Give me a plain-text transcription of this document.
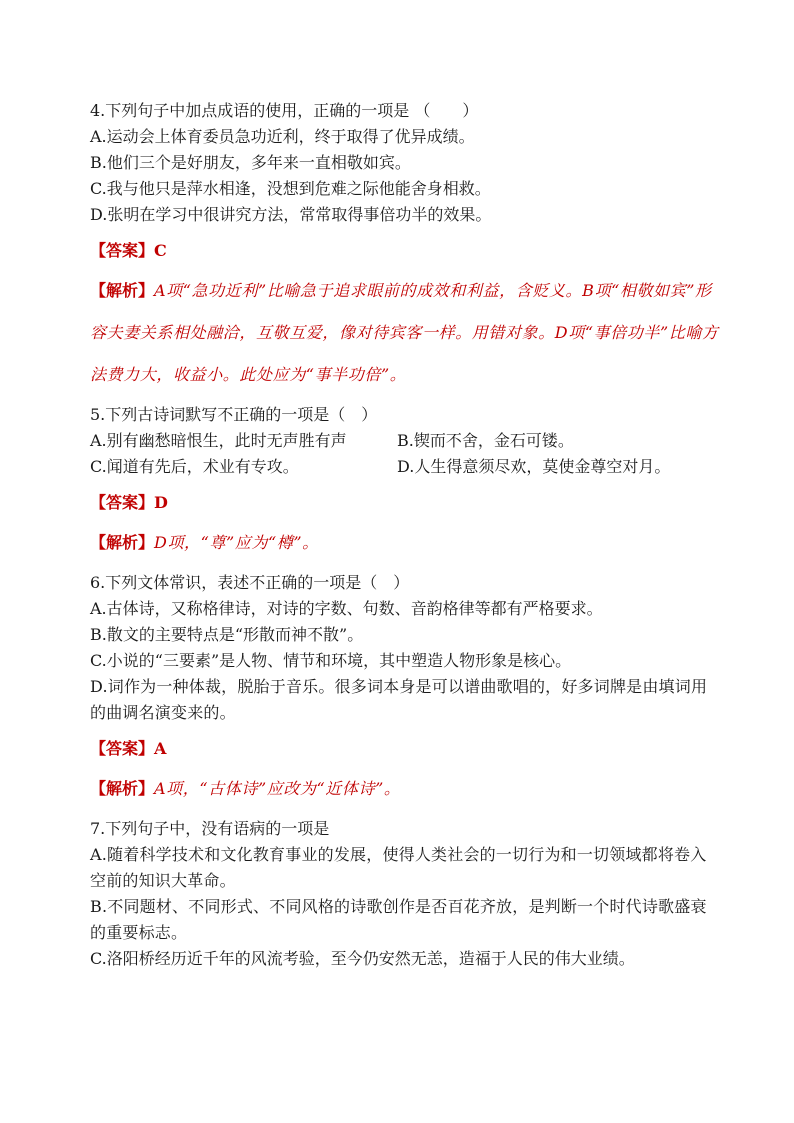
4.下列句子中加点成语的使用，正确的一项是 （　　）

A.运动会上体育委员急功近利，终于取得了优异成绩。

B.他们三个是好朋友，多年来一直相敬如宾。

C.我与他只是萍水相逢，没想到危难之际他能舍身相救。

D.张明在学习中很讲究方法，常常取得事倍功半的效果。

【答案】C

【解析】A项“急功近利”比喻急于追求眼前的成效和利益，含贬义。B项“相敬如宾”形容夫妻关系相处融洽，互敬互爱，像对待宾客一样。用错对象。D项“事倍功半”比喻方法费力大，收益小。此处应为“事半功倍”。

5.下列古诗词默写不正确的一项是（　）

A.别有幽愁暗恨生，此时无声胜有声	B.锲而不舍，金石可镂。
C.闻道有先后，术业有专攻。	D.人生得意须尽欢，莫使金尊空对月。

【答案】D

【解析】D项，“尊”应为“樽”。

6.下列文体常识，表述不正确的一项是（　）

A.古体诗，又称格律诗，对诗的字数、句数、音韵格律等都有严格要求。

B.散文的主要特点是“形散而神不散”。

C.小说的“三要素”是人物、情节和环境，其中塑造人物形象是核心。

D.词作为一种体裁，脱胎于音乐。很多词本身是可以谱曲歌唱的，好多词牌是由填词用的曲调名演变来的。

【答案】A

【解析】A项，“古体诗”应改为“近体诗”。

7.下列句子中，没有语病的一项是

A.随着科学技术和文化教育事业的发展，使得人类社会的一切行为和一切领域都将卷入空前的知识大革命。

B.不同题材、不同形式、不同风格的诗歌创作是否百花齐放，是判断一个时代诗歌盛衰的重要标志。

C.洛阳桥经历近千年的风流考验，至今仍安然无恙，造福于人民的伟大业绩。
